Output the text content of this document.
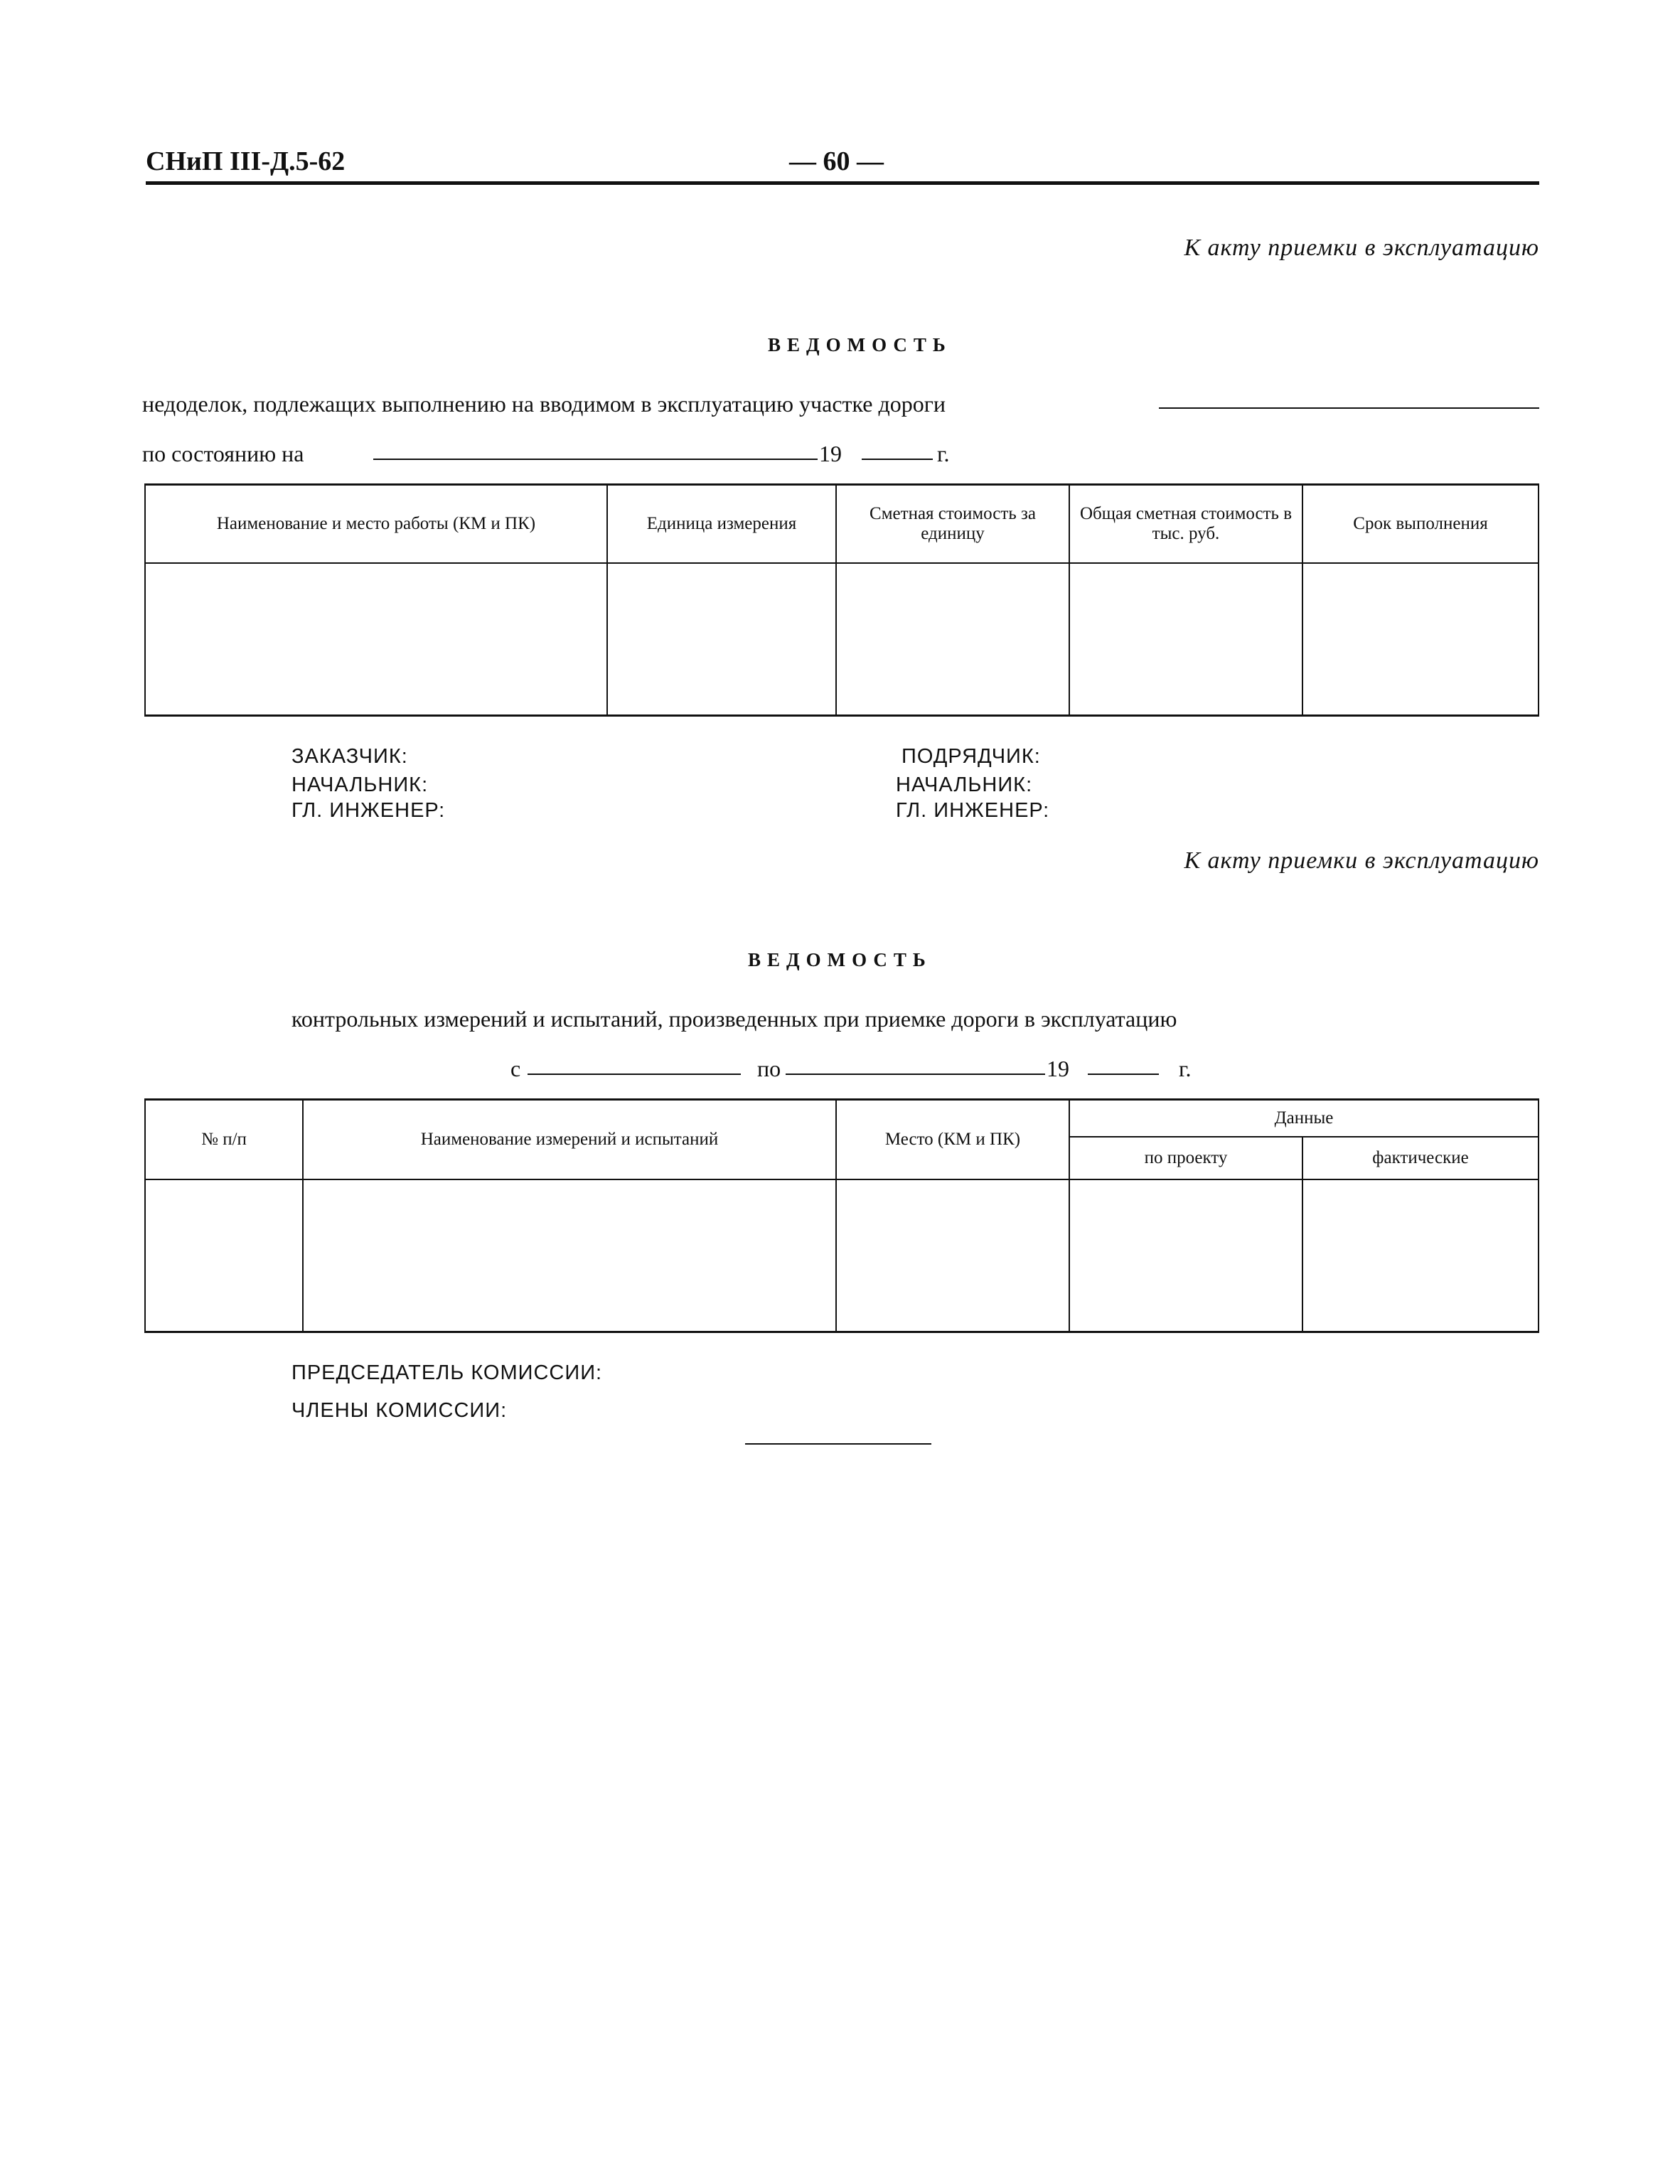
СНиП III-Д.5-62	— 60 —
К акту приемки в эксплуатацию
ВЕДОМОСТЬ
недоделок, подлежащих выполнению на вводимом в эксплуатацию участке дороги
по состоянию на	19	г.
Наименование и место работы (КМ и ПК)	Единица измерения	Сметная стоимость за единицу	Общая сметная стоимость в тыс. руб.	Срок выполнения

ЗАКАЗЧИК:
НАЧАЛЬНИК:
ГЛ. ИНЖЕНЕР:
ПОДРЯДЧИК:
НАЧАЛЬНИК:
ГЛ. ИНЖЕНЕР:
К акту приемки в эксплуатацию
ВЕДОМОСТЬ
контрольных измерений и испытаний, произведенных при приемке дороги в эксплуатацию
с	по	19	г.
№ п/п	Наименование измерений и испытаний	Место (КМ и ПК)	Данные	
			по проекту	фактические

ПРЕДСЕДАТЕЛЬ КОМИССИИ:
ЧЛЕНЫ КОМИССИИ:
